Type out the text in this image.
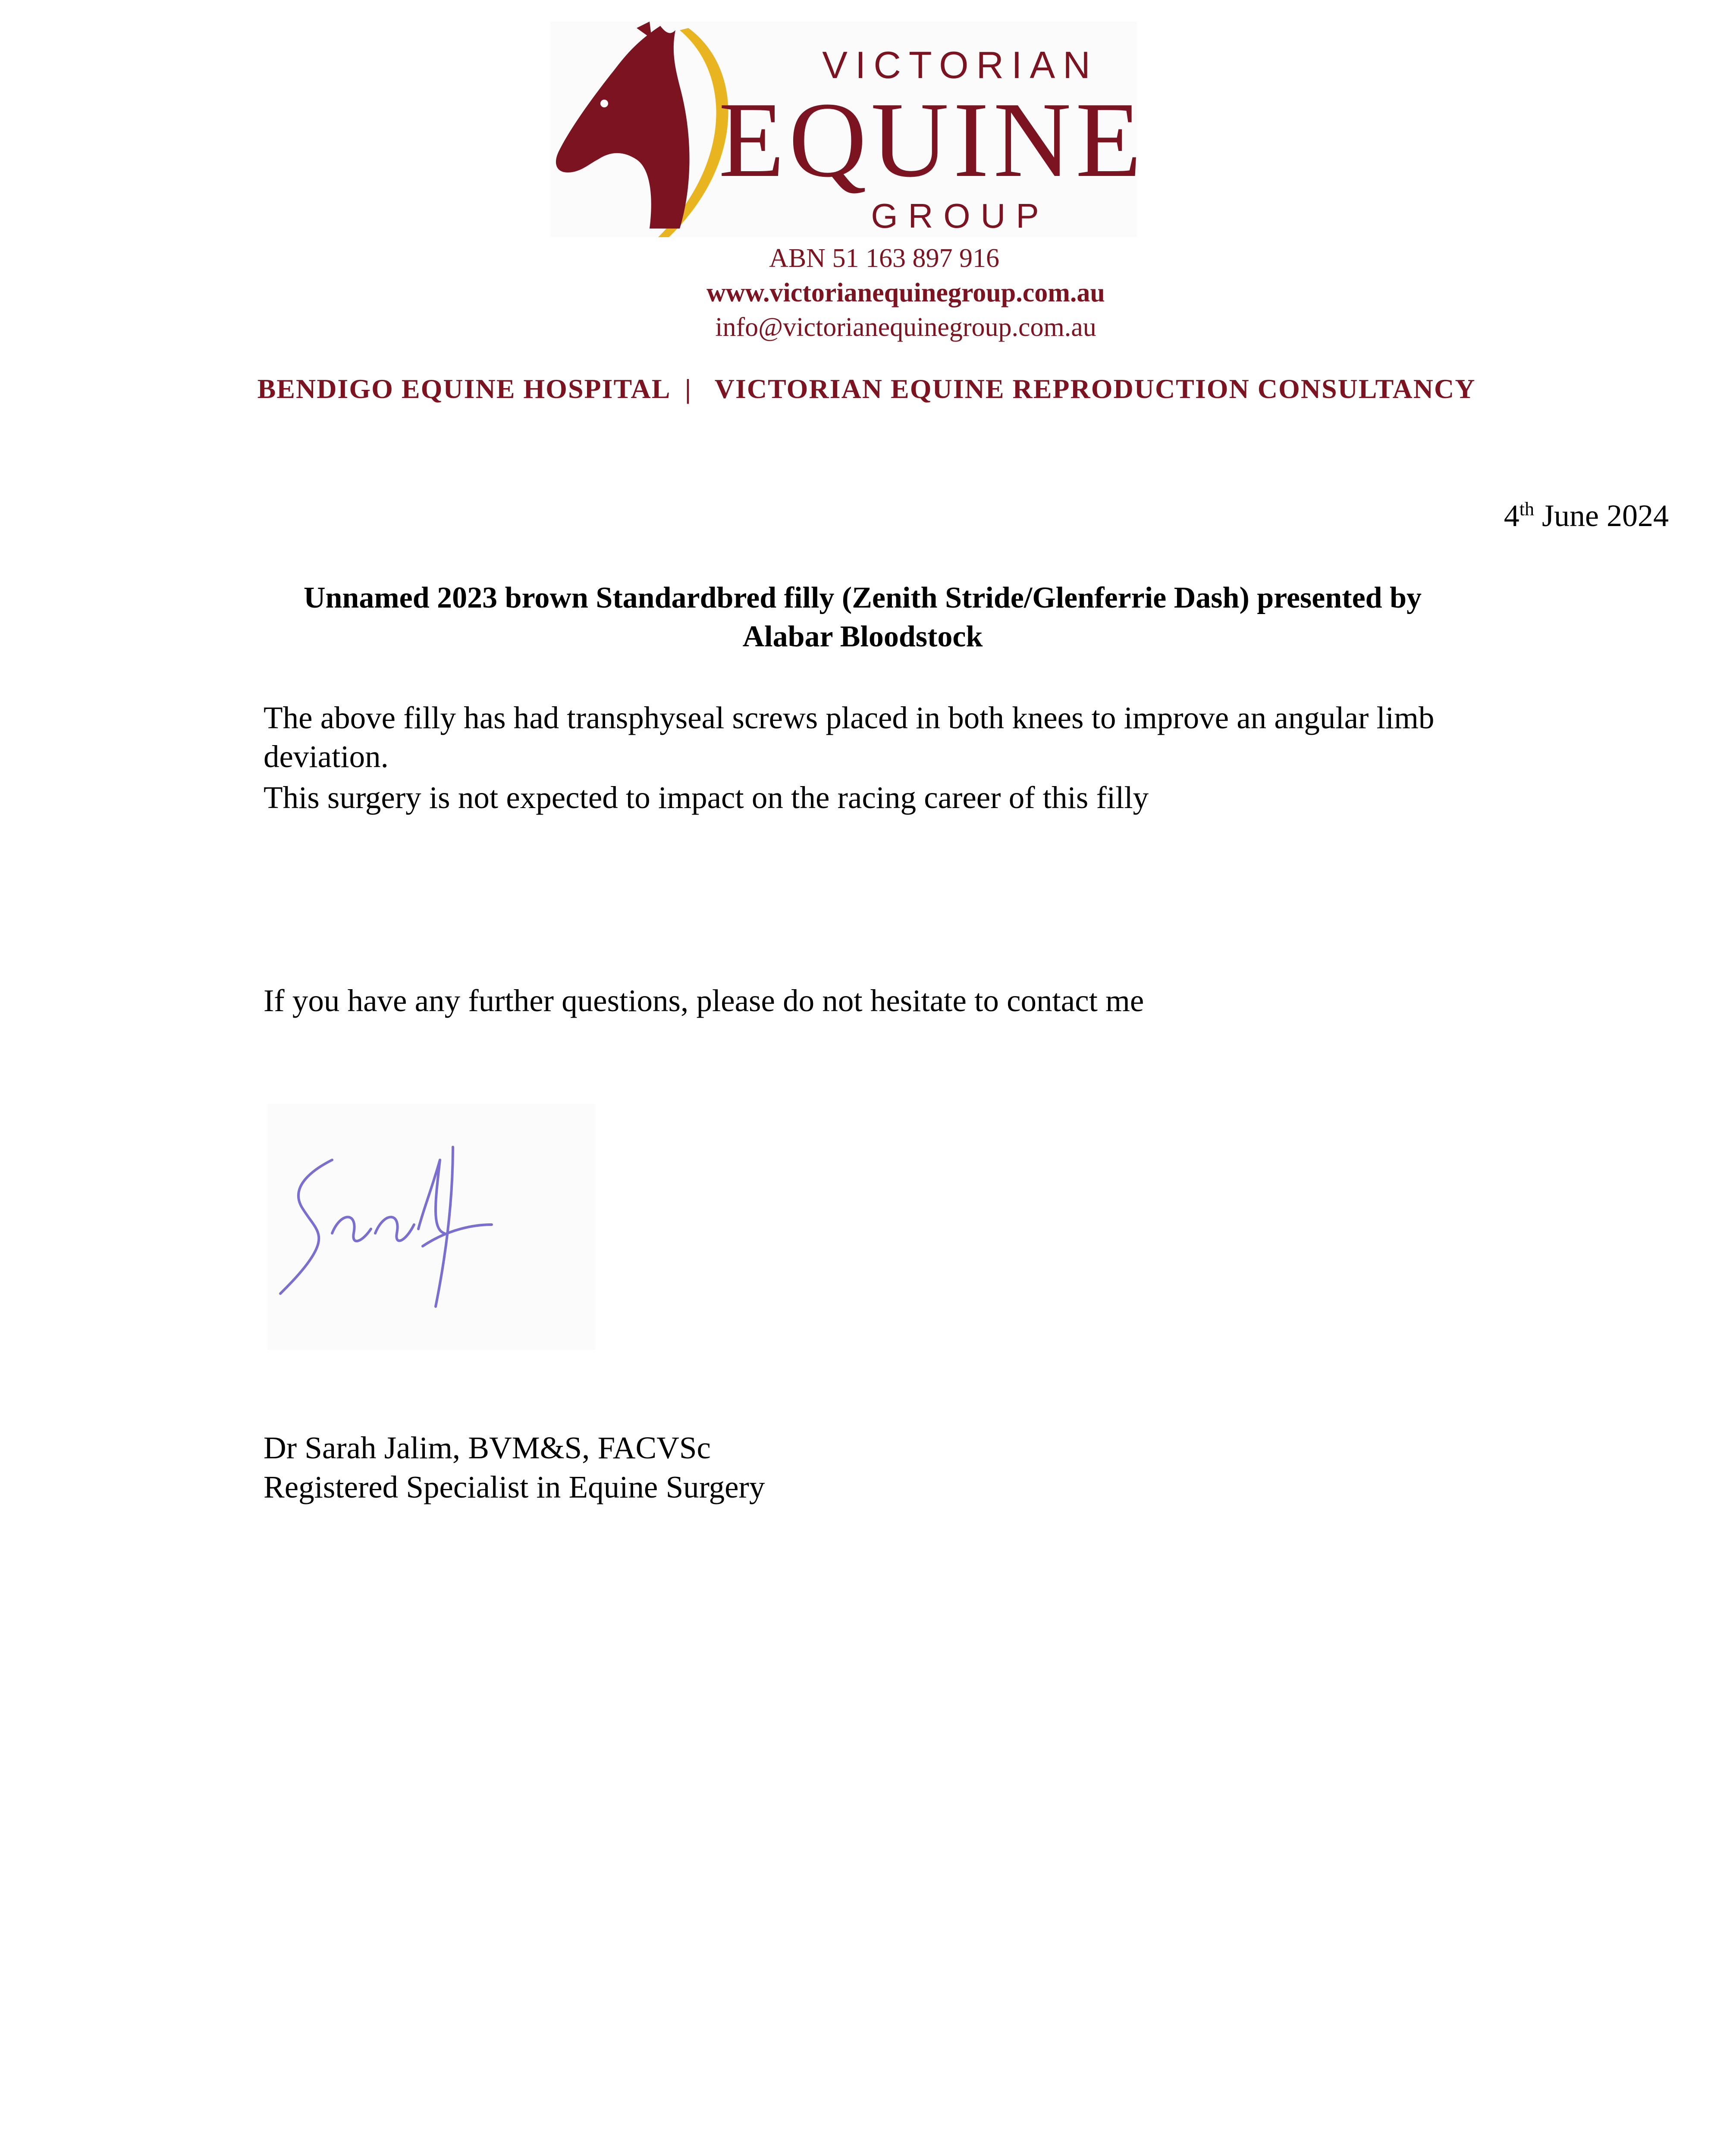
VICTORIAN
EQUINE
GROUP
ABN 51 163 897 916
www.victorianequinegroup.com.au
info@victorianequinegroup.com.au
BENDIGO EQUINE HOSPITAL  |   VICTORIAN EQUINE REPRODUCTION CONSULTANCY
4th June 2024
Unnamed 2023 brown Standardbred filly (Zenith Stride/Glenferrie Dash) presented by
Alabar Bloodstock
The above filly has had transphyseal screws placed in both knees to improve an angular limb
deviation.
This surgery is not expected to impact on the racing career of this filly
If you have any further questions, please do not hesitate to contact me
Dr Sarah Jalim, BVM&S, FACVSc
Registered Specialist in Equine Surgery
